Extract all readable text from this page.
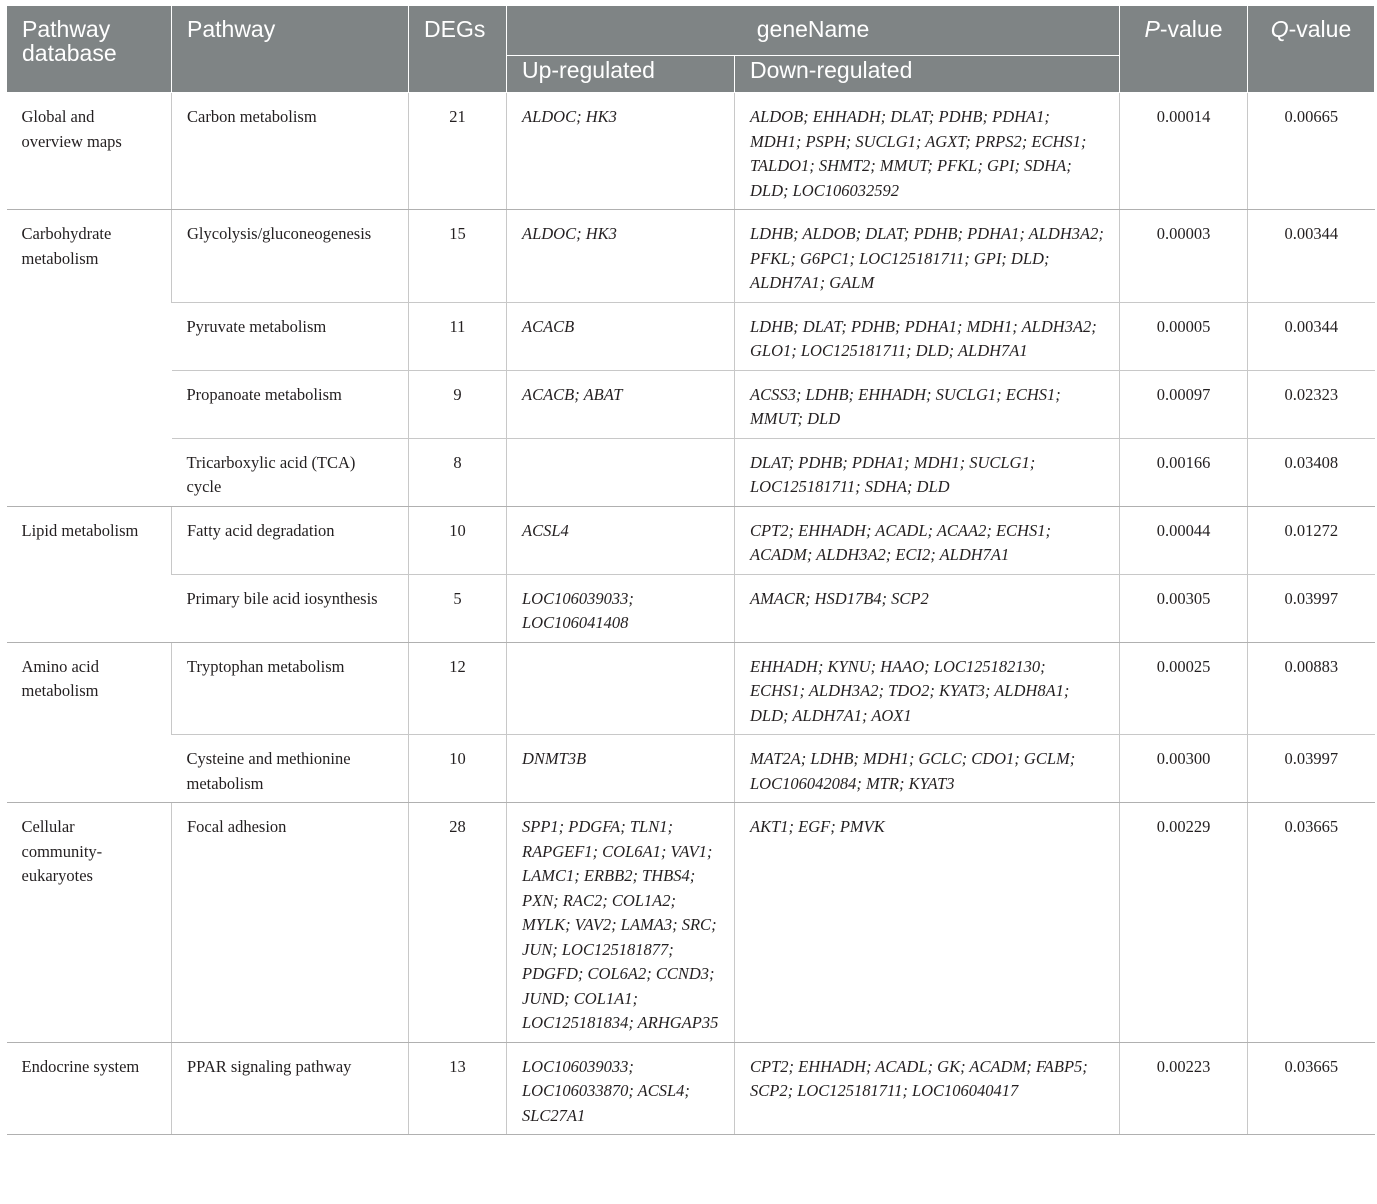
Pathway database	Pathway	DEGs	geneName		P-value	Q-value
			Up-regulated	Down-regulated		
Global and overview maps	Carbon metabolism	21	ALDOC; HK3	ALDOB; EHHADH; DLAT; PDHB; PDHA1; MDH1; PSPH; SUCLG1; AGXT; PRPS2; ECHS1; TALDO1; SHMT2; MMUT; PFKL; GPI; SDHA; DLD; LOC106032592	0.00014	0.00665
Carbohydrate metabolism	Glycolysis/gluconeogenesis	15	ALDOC; HK3	LDHB; ALDOB; DLAT; PDHB; PDHA1; ALDH3A2; PFKL; G6PC1; LOC125181711; GPI; DLD; ALDH7A1; GALM	0.00003	0.00344
	Pyruvate metabolism	11	ACACB	LDHB; DLAT; PDHB; PDHA1; MDH1; ALDH3A2; GLO1; LOC125181711; DLD; ALDH7A1	0.00005	0.00344
	Propanoate metabolism	9	ACACB; ABAT	ACSS3; LDHB; EHHADH; SUCLG1; ECHS1; MMUT; DLD	0.00097	0.02323
	Tricarboxylic acid (TCA) cycle	8		DLAT; PDHB; PDHA1; MDH1; SUCLG1; LOC125181711; SDHA; DLD	0.00166	0.03408
Lipid metabolism	Fatty acid degradation	10	ACSL4	CPT2; EHHADH; ACADL; ACAA2; ECHS1; ACADM; ALDH3A2; ECI2; ALDH7A1	0.00044	0.01272
	Primary bile acid iosynthesis	5	LOC106039033; LOC106041408	AMACR; HSD17B4; SCP2	0.00305	0.03997
Amino acid metabolism	Tryptophan metabolism	12		EHHADH; KYNU; HAAO; LOC125182130; ECHS1; ALDH3A2; TDO2; KYAT3; ALDH8A1; DLD; ALDH7A1; AOX1	0.00025	0.00883
	Cysteine and methionine metabolism	10	DNMT3B	MAT2A; LDHB; MDH1; GCLC; CDO1; GCLM; LOC106042084; MTR; KYAT3	0.00300	0.03997
Cellular community-eukaryotes	Focal adhesion	28	SPP1; PDGFA; TLN1; RAPGEF1; COL6A1; VAV1; LAMC1; ERBB2; THBS4; PXN; RAC2; COL1A2; MYLK; VAV2; LAMA3; SRC; JUN; LOC125181877; PDGFD; COL6A2; CCND3; JUND; COL1A1; LOC125181834; ARHGAP35	AKT1; EGF; PMVK	0.00229	0.03665
Endocrine system	PPAR signaling pathway	13	LOC106039033; LOC106033870; ACSL4; SLC27A1	CPT2; EHHADH; ACADL; GK; ACADM; FABP5; SCP2; LOC125181711; LOC106040417	0.00223	0.03665
